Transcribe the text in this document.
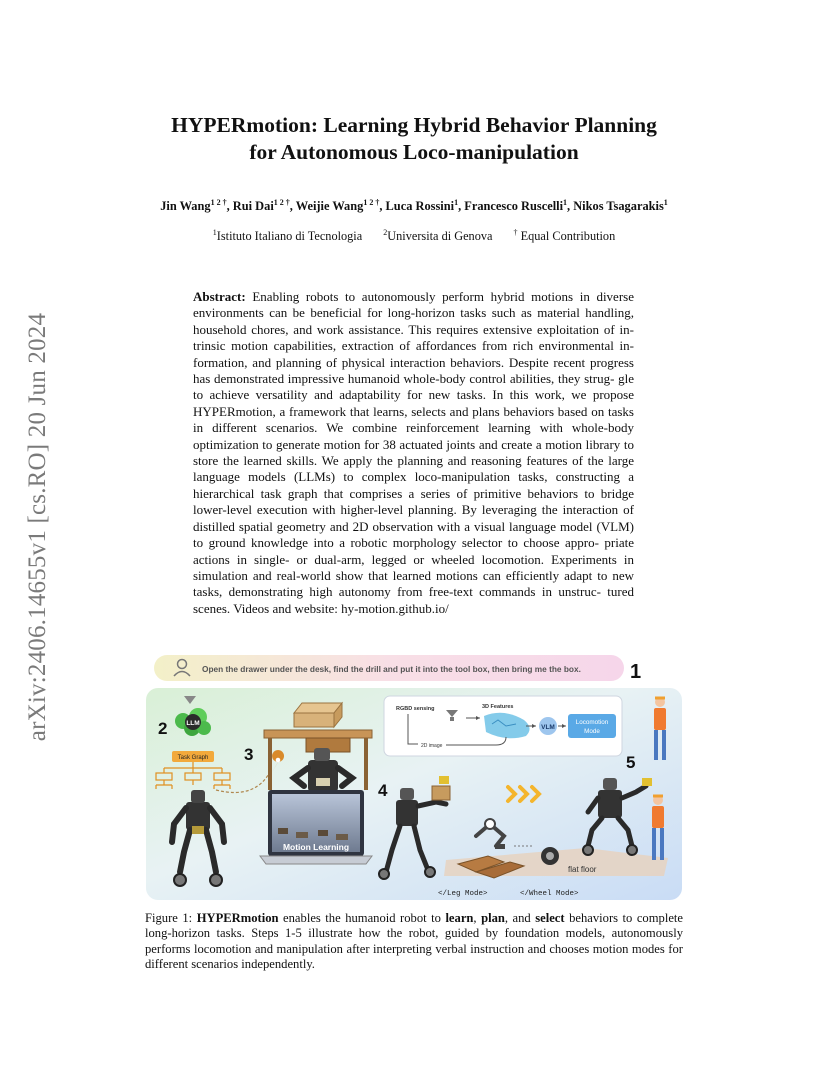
arXiv:2406.14655v1 [cs.RO] 20 Jun 2024
HYPERmotion: Learning Hybrid Behavior Planning
for Autonomous Loco-manipulation
Jin Wang$^{1 2 \dagger}$, Rui Dai$^{1 2 \dagger}$, Weijie Wang$^{1 2 \dagger}$, Luca Rossini$^1$, Francesco Ruscelli$^1$, Nikos Tsagarakis$^1$
$^1$Istituto Italiano di Tecnologia	$^2$Universita di Genova	† Equal Contribution
Abstract: Enabling robots to autonomously perform hybrid motions in diverse environments can be beneficial for long-horizon tasks such as material handling, household chores, and work assistance. This requires extensive exploitation of in- trinsic motion capabilities, extraction of affordances from rich environmental in- formation, and planning of physical interaction behaviors. Despite recent progress has demonstrated impressive humanoid whole-body control abilities, they strug- gle to achieve versatility and adaptability for new tasks. In this work, we propose HYPERmotion, a framework that learns, selects and plans behaviors based on tasks in different scenarios. We combine reinforcement learning with whole-body optimization to generate motion for 38 actuated joints and create a motion library to store the learned skills. We apply the planning and reasoning features of the large language models (LLMs) to complex loco-manipulation tasks, constructing a hierarchical task graph that comprises a series of primitive behaviors to bridge lower-level execution with higher-level planning. By leveraging the interaction of distilled spatial geometry and 2D observation with a visual language model (VLM) to ground knowledge into a robotic morphology selector to choose appro- priate actions in single- or dual-arm, legged or wheeled locomotion. Experiments in simulation and real-world show that learned motions can efficiently adapt to new tasks, demonstrating high autonomy from free-text commands in unstruc- tured scenes. Videos and website: hy-motion.github.io/
Open the drawer under the desk, find the drill and put it into the tool box, then bring me the box. 1
LLM
2
Task Graph 3
Motion Learning
RGBD sensing	3D Features
VLM
Locomotion
Mode
2D image
4
flat floor
</Leg Mode>	</Wheel Mode>
5
Figure 1: HYPERmotion enables the humanoid robot to learn, plan, and select behaviors to complete long-horizon tasks. Steps 1-5 illustrate how the robot, guided by foundation models, autonomously performs locomotion and manipulation after interpreting verbal instruction and chooses motion modes for different scenarios independently.
